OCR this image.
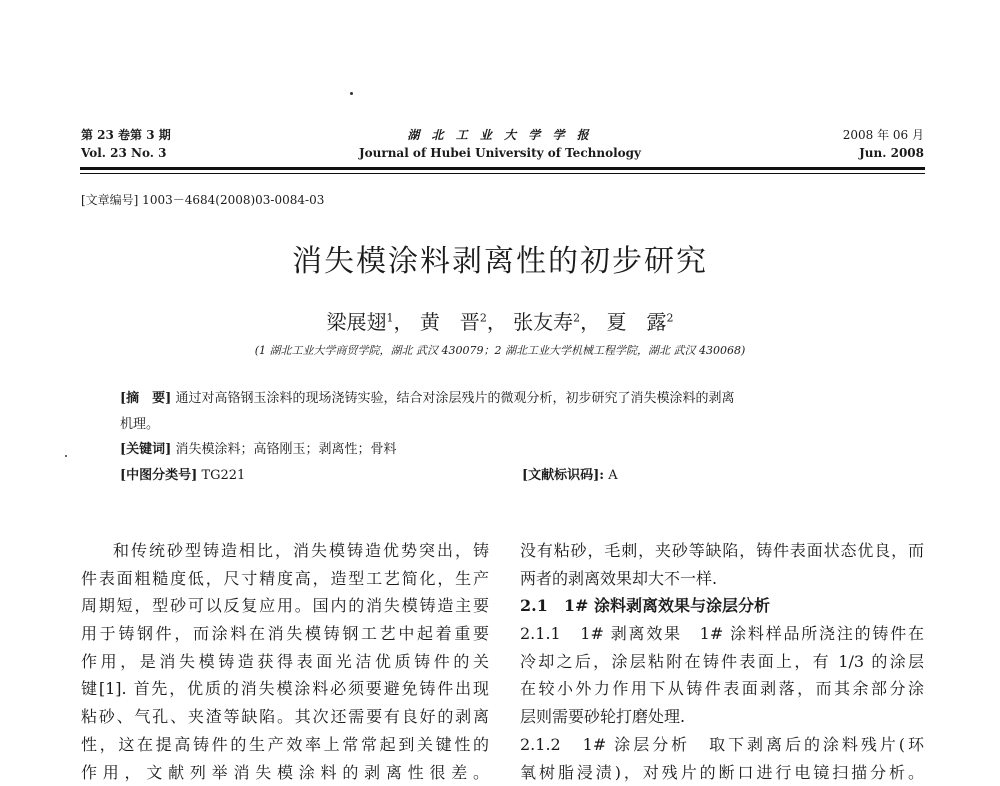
第 23 卷第 3 期
Vol. 23 No. 3
湖 北 工 业 大 学 学 报
Journal of Hubei University of Technology
2008 年 06 月
Jun. 2008
[文章编号] 1003－4684(2008)03-0084-03
消失模涂料剥离性的初步研究
梁展翅$^1$， 黄　晋$^2$， 张友寿$^2$， 夏　露$^2$
(1 湖北工业大学商贸学院，湖北 武汉 430079；2 湖北工业大学机械工程学院，湖北 武汉 430068)
[摘　要] 通过对高铬钢玉涂料的现场浇铸实验，结合对涂层残片的微观分析，初步研究了消失模涂料的剥离
机理。
[关键词] 消失模涂料；高铬刚玉；剥离性；骨料
[中图分类号] TG221	[文献标识码]: A
和传统砂型铸造相比，消失模铸造优势突出，铸
件表面粗糙度低，尺寸精度高，造型工艺简化，生产
周期短，型砂可以反复应用。国内的消失模铸造主要
用于铸钢件，而涂料在消失模铸钢工艺中起着重要
作用，是消失模铸造获得表面光洁优质铸件的关
键[1]. 首先，优质的消失模涂料必须要避免铸件出现
粘砂、气孔、夹渣等缺陷。其次还需要有良好的剥离
性，这在提高铸件的生产效率上常常起到关键性的
作用，文献列举消失模涂料的剥离性很差。
没有粘砂，毛刺，夹砂等缺陷，铸件表面状态优良，而
两者的剥离效果却大不一样.
2.1　1# 涂料剥离效果与涂层分析
2.1.1　1# 剥离效果　1# 涂料样品所浇注的铸件在
冷却之后，涂层粘附在铸件表面上，有 1/3 的涂层
在较小外力作用下从铸件表面剥落，而其余部分涂
层则需要砂轮打磨处理.
2.1.2　1# 涂层分析　取下剥离后的涂料残片(环
氧树脂浸渍)，对残片的断口进行电镜扫描分析。
